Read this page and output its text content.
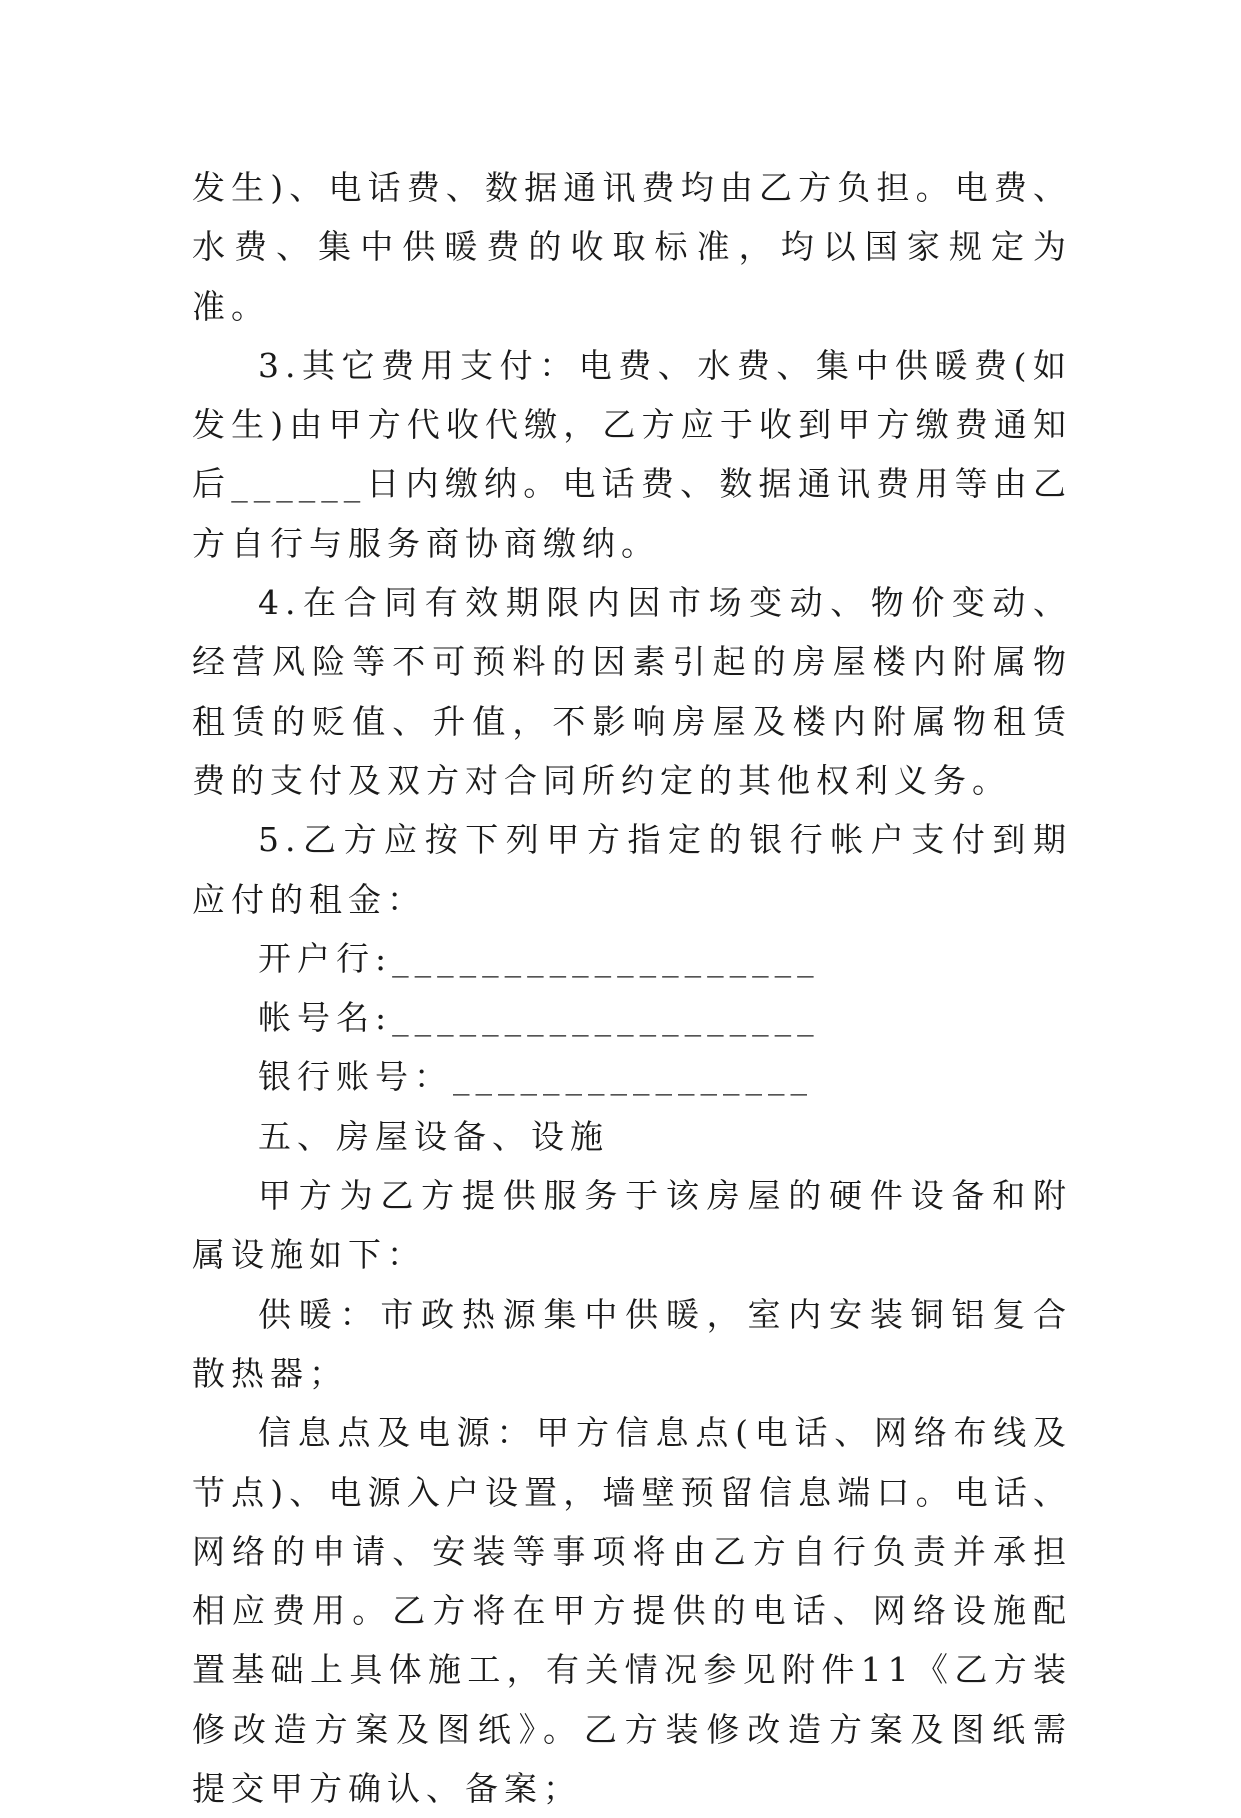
发生)、电话费、数据通讯费均由乙方负担。电费、水费、集中供暖费的收取标准，均以国家规定为准。

3.其它费用支付：电费、水费、集中供暖费(如发生)由甲方代收代缴，乙方应于收到甲方缴费通知后______日内缴纳。电话费、数据通讯费用等由乙方自行与服务商协商缴纳。

4.在合同有效期限内因市场变动、物价变动、经营风险等不可预料的因素引起的房屋楼内附属物租赁的贬值、升值，不影响房屋及楼内附属物租赁费的支付及双方对合同所约定的其他权利义务。

5.乙方应按下列甲方指定的银行帐户支付到期应付的租金：

开户行:___________________

帐号名:___________________

银行账号：________________

五、房屋设备、设施

甲方为乙方提供服务于该房屋的硬件设备和附属设施如下：

供暖：市政热源集中供暖，室内安装铜铝复合散热器；

信息点及电源：甲方信息点(电话、网络布线及节点)、电源入户设置，墙壁预留信息端口。电话、网络的申请、安装等事项将由乙方自行负责并承担相应费用。乙方将在甲方提供的电话、网络设施配置基础上具体施工，有关情况参见附件11《乙方装修改造方案及图纸》。乙方装修改造方案及图纸需提交甲方确认、备案；
